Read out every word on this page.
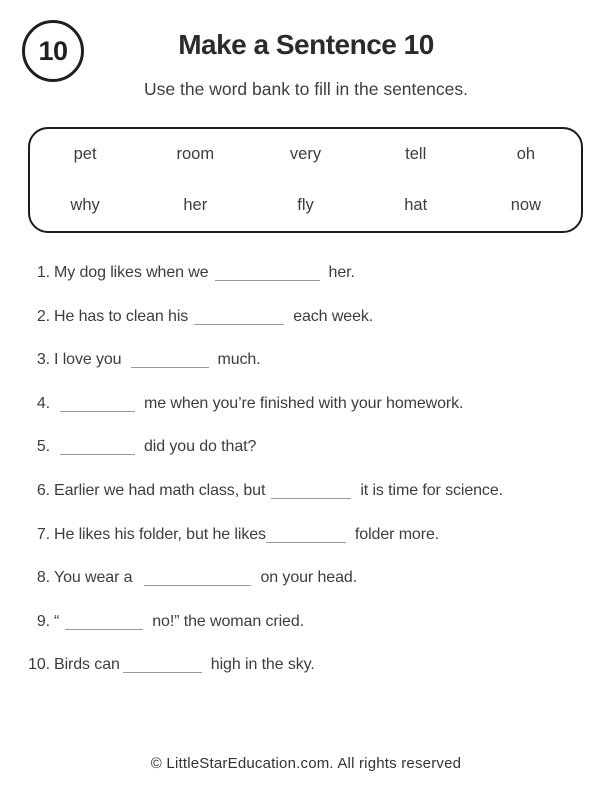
10	Make a Sentence 10

Use the word bank to fill in the sentences.

pet	room	very	tell	oh
why	her	fly	hat	now
1. My dog likes when we	her.
2. He has to clean his	each week.
3. I love you	much.
4.	me when you’re finished with your homework.
5.	did you do that?
6. Earlier we had math class, but	it is time for science.
7. He likes his folder, but he likes	folder more.
8. You wear a	on your head.
9. “	no!” the woman cried.
10. Birds can	high in the sky.
© LittleStarEducation.com. All rights reserved
